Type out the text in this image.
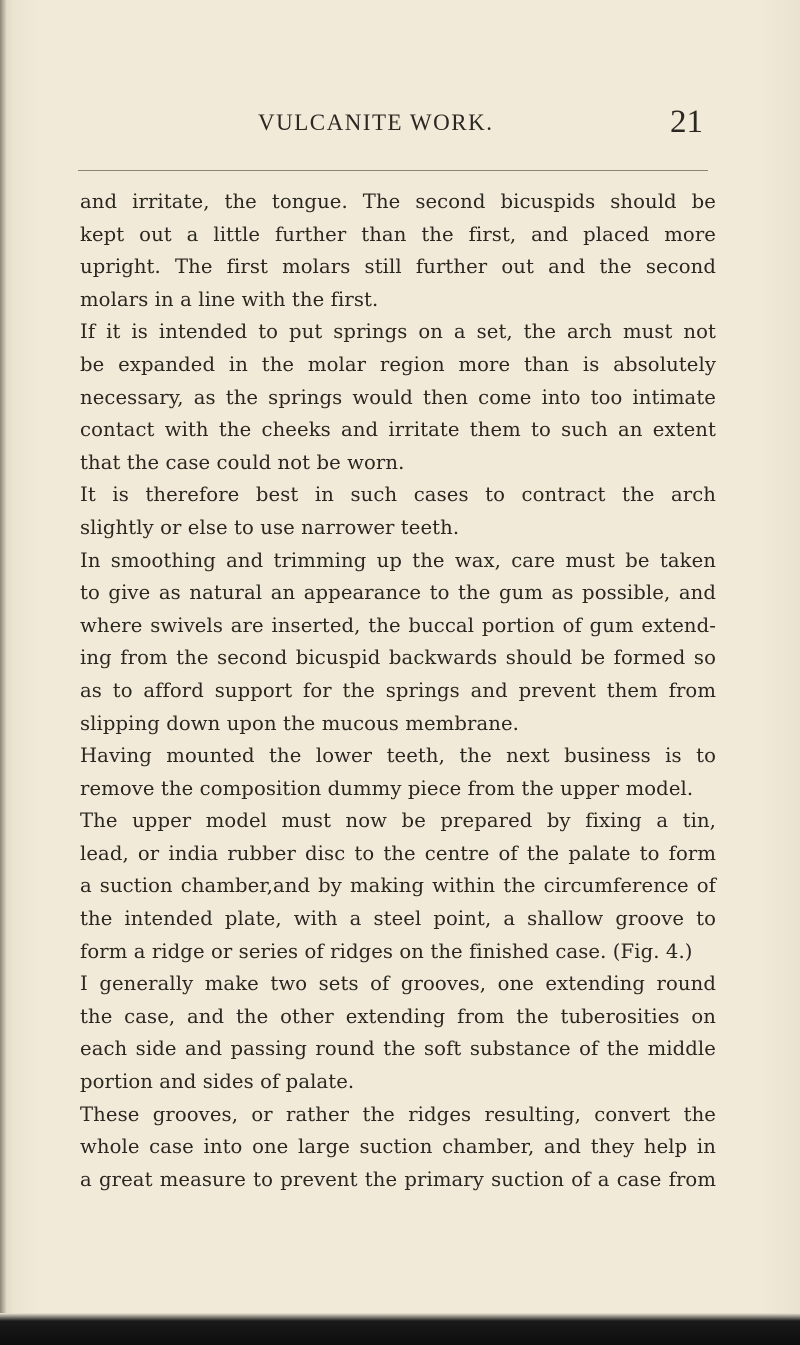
VULCANITE WORK.	21
and irritate, the tongue. The second bicuspids should be
kept out a little further than the first, and placed more
upright. The first molars still further out and the second
molars in a line with the first.
If it is intended to put springs on a set, the arch must not
be expanded in the molar region more than is absolutely
necessary, as the springs would then come into too intimate
contact with the cheeks and irritate them to such an extent
that the case could not be worn.
It is therefore best in such cases to contract the arch
slightly or else to use narrower teeth.
In smoothing and trimming up the wax, care must be taken
to give as natural an appearance to the gum as possible, and
where swivels are inserted, the buccal portion of gum extend-
ing from the second bicuspid backwards should be formed so
as to afford support for the springs and prevent them from
slipping down upon the mucous membrane.
Having mounted the lower teeth, the next business is to
remove the composition dummy piece from the upper model.
The upper model must now be prepared by fixing a tin,
lead, or india rubber disc to the centre of the palate to form
a suction chamber,and by making within the circumference of
the intended plate, with a steel point, a shallow groove to
form a ridge or series of ridges on the finished case. (Fig. 4.)
I generally make two sets of grooves, one extending round
the case, and the other extending from the tuberosities on
each side and passing round the soft substance of the middle
portion and sides of palate.
These grooves, or rather the ridges resulting, convert the
whole case into one large suction chamber, and they help in
a great measure to prevent the primary suction of a case from
